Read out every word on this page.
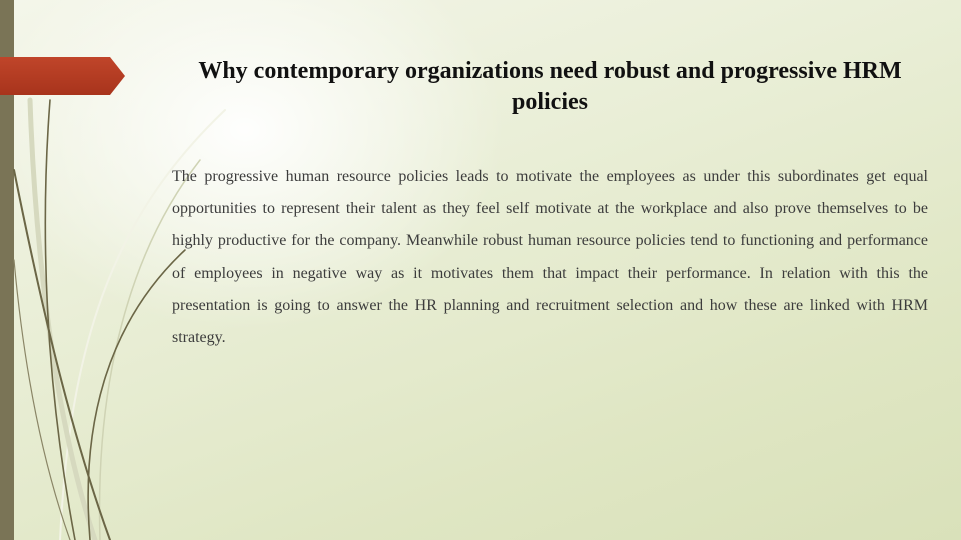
Why contemporary organizations need robust and progressive HRM policies

The progressive human resource policies leads to motivate the employees as under this subordinates get equal opportunities to represent their talent as they feel self motivate at the workplace and also prove themselves to be highly productive for the company. Meanwhile robust human resource policies tend to functioning and performance of employees in negative way as it motivates them that impact their performance. In relation with this the presentation is going to answer the HR planning and recruitment selection and how these are linked with HRM strategy.
